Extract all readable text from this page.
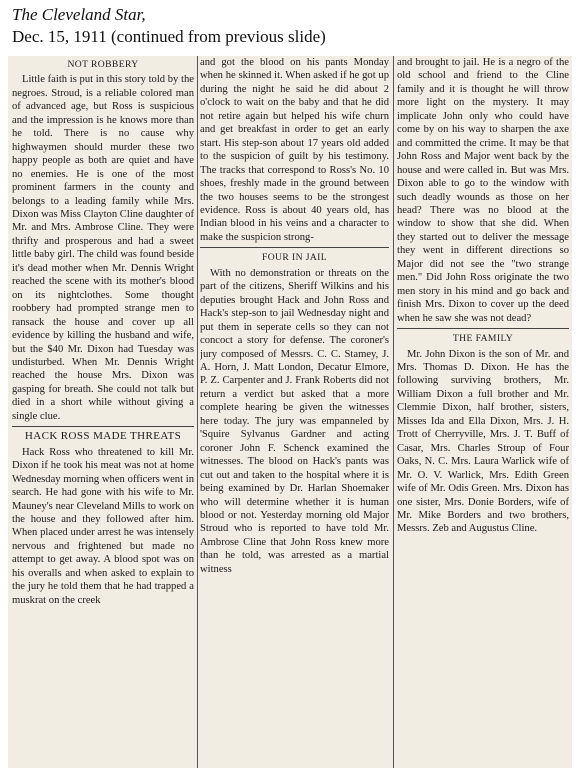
The Cleveland Star,
Dec. 15, 1911 (continued from previous slide)
NOT ROBBERY

Little faith is put in this story told by the negroes. Stroud, is a reliable colored man of advanced age, but Ross is suspicious and the impression is he knows more than he told. There is no cause why highwaymen should murder these two happy people as both are quiet and have no enemies. He is one of the most prominent farmers in the county and belongs to a leading family while Mrs. Dixon was Miss Clayton Cline daughter of Mr. and Mrs. Ambrose Cline. They were thrifty and prosperous and had a sweet little baby girl. The child was found beside it's dead mother when Mr. Dennis Wright reached the scene with its mother's blood on its nightclothes. Some thought roobbery had prompted strange men to ransack the house and cover up all evidence by killing the husband and wife, but the $40 Mr. Dixon had Tuesday was undisturbed. When Mr. Dennis Wright reached the house Mrs. Dixon was gasping for breath. She could not talk but died in a short while without giving a single clue.

HACK ROSS MADE THREATS

Hack Ross who threatened to kill Mr. Dixon if he took his meat was not at home Wednesday morning when officers went in search. He had gone with his wife to Mr. Mauney's near Cleveland Mills to work on the house and they followed after him. When placed under arrest he was intensely nervous and frightened but made no attempt to get away. A blood spot was on his overalls and when asked to explain to the jury he told them that he had trapped a muskrat on the creek

and got the blood on his pants Monday when he skinned it. When asked if he got up during the night he said he did about 2 o'clock to wait on the baby and that he did not retire again but helped his wife churn and get breakfast in order to get an early start. His step-son about 17 years old added to the suspicion of guilt by his testimony. The tracks that correspond to Ross's No. 10 shoes, freshly made in the ground between the two houses seems to be the strongest evidence. Ross is about 40 years old, has Indian blood in his veins and a character to make the suspicion strong-

FOUR IN JAIL

With no demonstration or threats on the part of the citizens, Sheriff Wilkins and his deputies brought Hack and John Ross and Hack's step-son to jail Wednesday night and put them in seperate cells so they can not concoct a story for defense. The coroner's jury composed of Messrs. C. C. Stamey, J. A. Horn, J. Matt London, Decatur Elmore, P. Z. Carpenter and J. Frank Roberts did not return a verdict but asked that a more complete hearing be given the witnesses here today. The jury was empanneled by 'Squire Sylvanus Gardner and acting coroner John F. Schenck examined the witnesses. The blood on Hack's pants was cut out and taken to the hospital where it is being examined by Dr. Harlan Shoemaker who will determine whether it is human blood or not. Yesterday morning old Major Stroud who is reported to have told Mr. Ambrose Cline that John Ross knew more than he told, was arrested as a martial witness

and brought to jail. He is a negro of the old school and friend to the Cline family and it is thought he will throw more light on the mystery. It may implicate John only who could have come by on his way to sharpen the axe and committed the crime. It may be that John Ross and Major went back by the house and were called in. But was Mrs. Dixon able to go to the window with such deadly wounds as those on her head? There was no blood at the window to show that she did. When they started out to deliver the message they went in different directions so Major did not see the "two strange men." Did John Ross originate the two men story in his mind and go back and finish Mrs. Dixon to cover up the deed when he saw she was not dead?

THE FAMILY

Mr. John Dixon is the son of Mr. and Mrs. Thomas D. Dixon. He has the following surviving brothers, Mr. William Dixon a full brother and Mr. Clemmie Dixon, half brother, sisters, Misses Ida and Ella Dixon, Mrs. J. H. Trott of Cherryville, Mrs. J. T. Buff of Casar, Mrs. Charles Stroup of Four Oaks, N. C. Mrs. Laura Warlick wife of Mr. O. V. Warlick, Mrs. Edith Green wife of Mr. Odis Green. Mrs. Dixon has one sister, Mrs. Donie Borders, wife of Mr. Mike Borders and two brothers, Messrs. Zeb and Augustus Cline.
